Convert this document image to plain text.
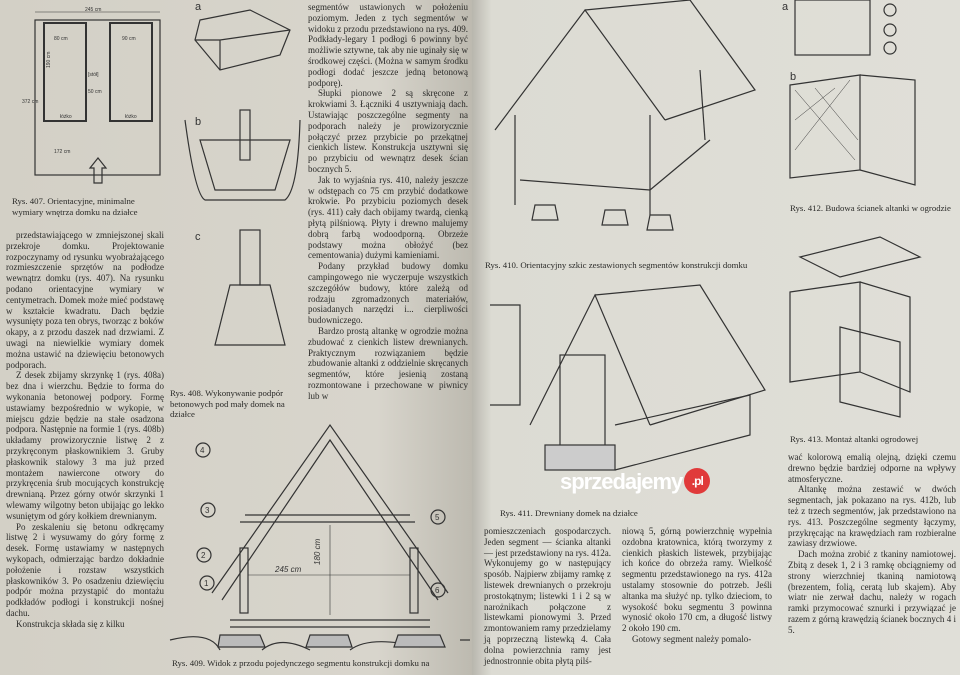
245 cm
80 cm	90 cm
[stół]
50 cm
190 cm
łóżko	łóżko
372 cm
172 cm
Rys. 407. Orientacyjne, minimalne wymiary wnętrza domku na działce

przedstawiającego w zmniejszonej skali przekroje domku. Projektowanie rozpoczynamy od rysunku wyobrażającego rozmieszczenie sprzętów na podłodze wewnątrz domku (rys. 407). Na rysunku podano orientacyjne wymiary w centymetrach. Domek może mieć podstawę w kształcie kwadratu. Dach będzie wysunięty poza ten obrys, tworząc z boków okapy, a z przodu daszek nad drzwiami. Z uwagi na niewielkie wymiary domek można ustawić na dziewięciu betonowych podporach.

Z desek zbijamy skrzynkę 1 (rys. 408a) bez dna i wierzchu. Będzie to forma do wykonania betonowej podpory. Formę ustawiamy bezpośrednio w wykopie, w miejscu gdzie będzie na stałe osadzona podpora. Następnie na formie 1 (rys. 408b) układamy prowizorycznie listwę 2 z przykręconym płaskownikiem 3. Gruby płaskownik stalowy 3 ma już przed montażem nawiercone otwory do przykręcenia śrub mocujących konstrukcję drewnianą. Przez górny otwór skrzynki 1 wlewamy wilgotny beton ubijając go lekko wsuniętym od góry kołkiem drewnianym.

Po zeskaleniu się betonu odkręcamy listwę 2 i wysuwamy do góry formę z desek. Formę ustawiamy w następnych wykopach, odmierzając bardzo dokładnie położenie i rozstaw wszystkich płaskowników 3. Po osadzeniu dziewięciu podpór można przystąpić do montażu podkładów podłogi i konstrukcji nośnej dachu.

Konstrukcja składa się z kilku

a
b
c
Rys. 408. Wykonywanie podpór betonowych pod mały domek na działce

segmentów ustawionych w położeniu poziomym. Jeden z tych segmentów w widoku z przodu przedstawiono na rys. 409. Podkłady-legary 1 podłogi 6 powinny być możliwie sztywne, tak aby nie uginały się w środkowej części. (Można w samym środku podłogi dodać jeszcze jedną betonową podporę).

Słupki pionowe 2 są skręcone z krokwiami 3. Łączniki 4 usztywniają dach. Ustawiając poszczególne segmenty na podporach należy je prowizorycznie połączyć przez przybicie po przekątnej cienkich listew. Konstrukcja usztywni się po przybiciu od wewnątrz desek ścian bocznych 5.

Jak to wyjaśnia rys. 410, należy jeszcze w odstępach co 75 cm przybić dodatkowe krokwie. Po przybiciu poziomych desek (rys. 411) cały dach obijamy twardą, cienką płytą pilśniową. Płyty i drewno malujemy dobrą farbą wodoodporną. Obrzeże podstawy można obłożyć (bez cementowania) dużymi kamieniami.

Podany przykład budowy domku campingowego nie wyczerpuje wszystkich szczegółów budowy, które zależą od rodzaju zgromadzonych materiałów, posiadanych narzędzi i... cierpliwości budowniczego.

Bardzo prostą altankę w ogrodzie można zbudować z cienkich listew drewnianych. Praktycznym rozwiązaniem będzie zbudowanie altanki z oddzielnie skręcanych segmentów, które jesienią zostaną rozmontowane i przechowane w piwnicy lub w

245 cm
180 cm
1
2
3
4
5
6
Rys. 409. Widok z przodu pojedynczego segmentu konstrukcji domku na
Rys. 410. Orientacyjny szkic zestawionych segmentów konstrukcji domku
Rys. 411. Drewniany domek na działce
a
b
Rys. 412. Budowa ścianek altanki w ogrodzie
Rys. 413. Montaż altanki ogrodowej

pomieszczeniach gospodarczych. Jeden segment — ścianka altanki — jest przedstawiony na rys. 412a. Wykonujemy go w następujący sposób. Najpierw zbijamy ramkę z listewek drewnianych o przekroju prostokątnym; listewki 1 i 2 są w narożnikach połączone z listewkami pionowymi 3. Przed zmontowaniem ramy przedzielamy ją poprzeczną listewką 4. Cała dolna powierzchnia ramy jest jednostronnie obita płytą pilś-

niową 5, górną powierzchnię wypełnia ozdobna kratownica, którą tworzymy z cienkich płaskich listewek, przybijając ich końce do obrzeża ramy. Wielkość segmentu przedstawionego na rys. 412a ustalamy stosownie do potrzeb. Jeśli altanka ma służyć np. tylko dzieciom, to wysokość boku segmentu 3 powinna wynosić około 170 cm, a długość listwy 2 około 190 cm.

Gotowy segment należy pomalo-

wać kolorową emalią olejną, dzięki czemu drewno będzie bardziej odporne na wpływy atmosferyczne.

Altankę można zestawić w dwóch segmentach, jak pokazano na rys. 412b, lub też z trzech segmentów, jak przedstawiono na rys. 413. Poszczególne segmenty łączymy, przykręcając na krawędziach ram rozbieralne zawiasy drzwiowe.

Dach można zrobić z tkaniny namiotowej. Zbitą z desek 1, 2 i 3 ramkę obciągniemy od strony wierzchniej tkaniną namiotową (brezentem, folią, ceratą lub skajem). Aby wiatr nie zerwał dachu, należy w rogach ramki przymocować sznurki i przywiązać je razem z górną krawędzią ścianek bocznych 4 i 5.

sprzedajemy .pl
